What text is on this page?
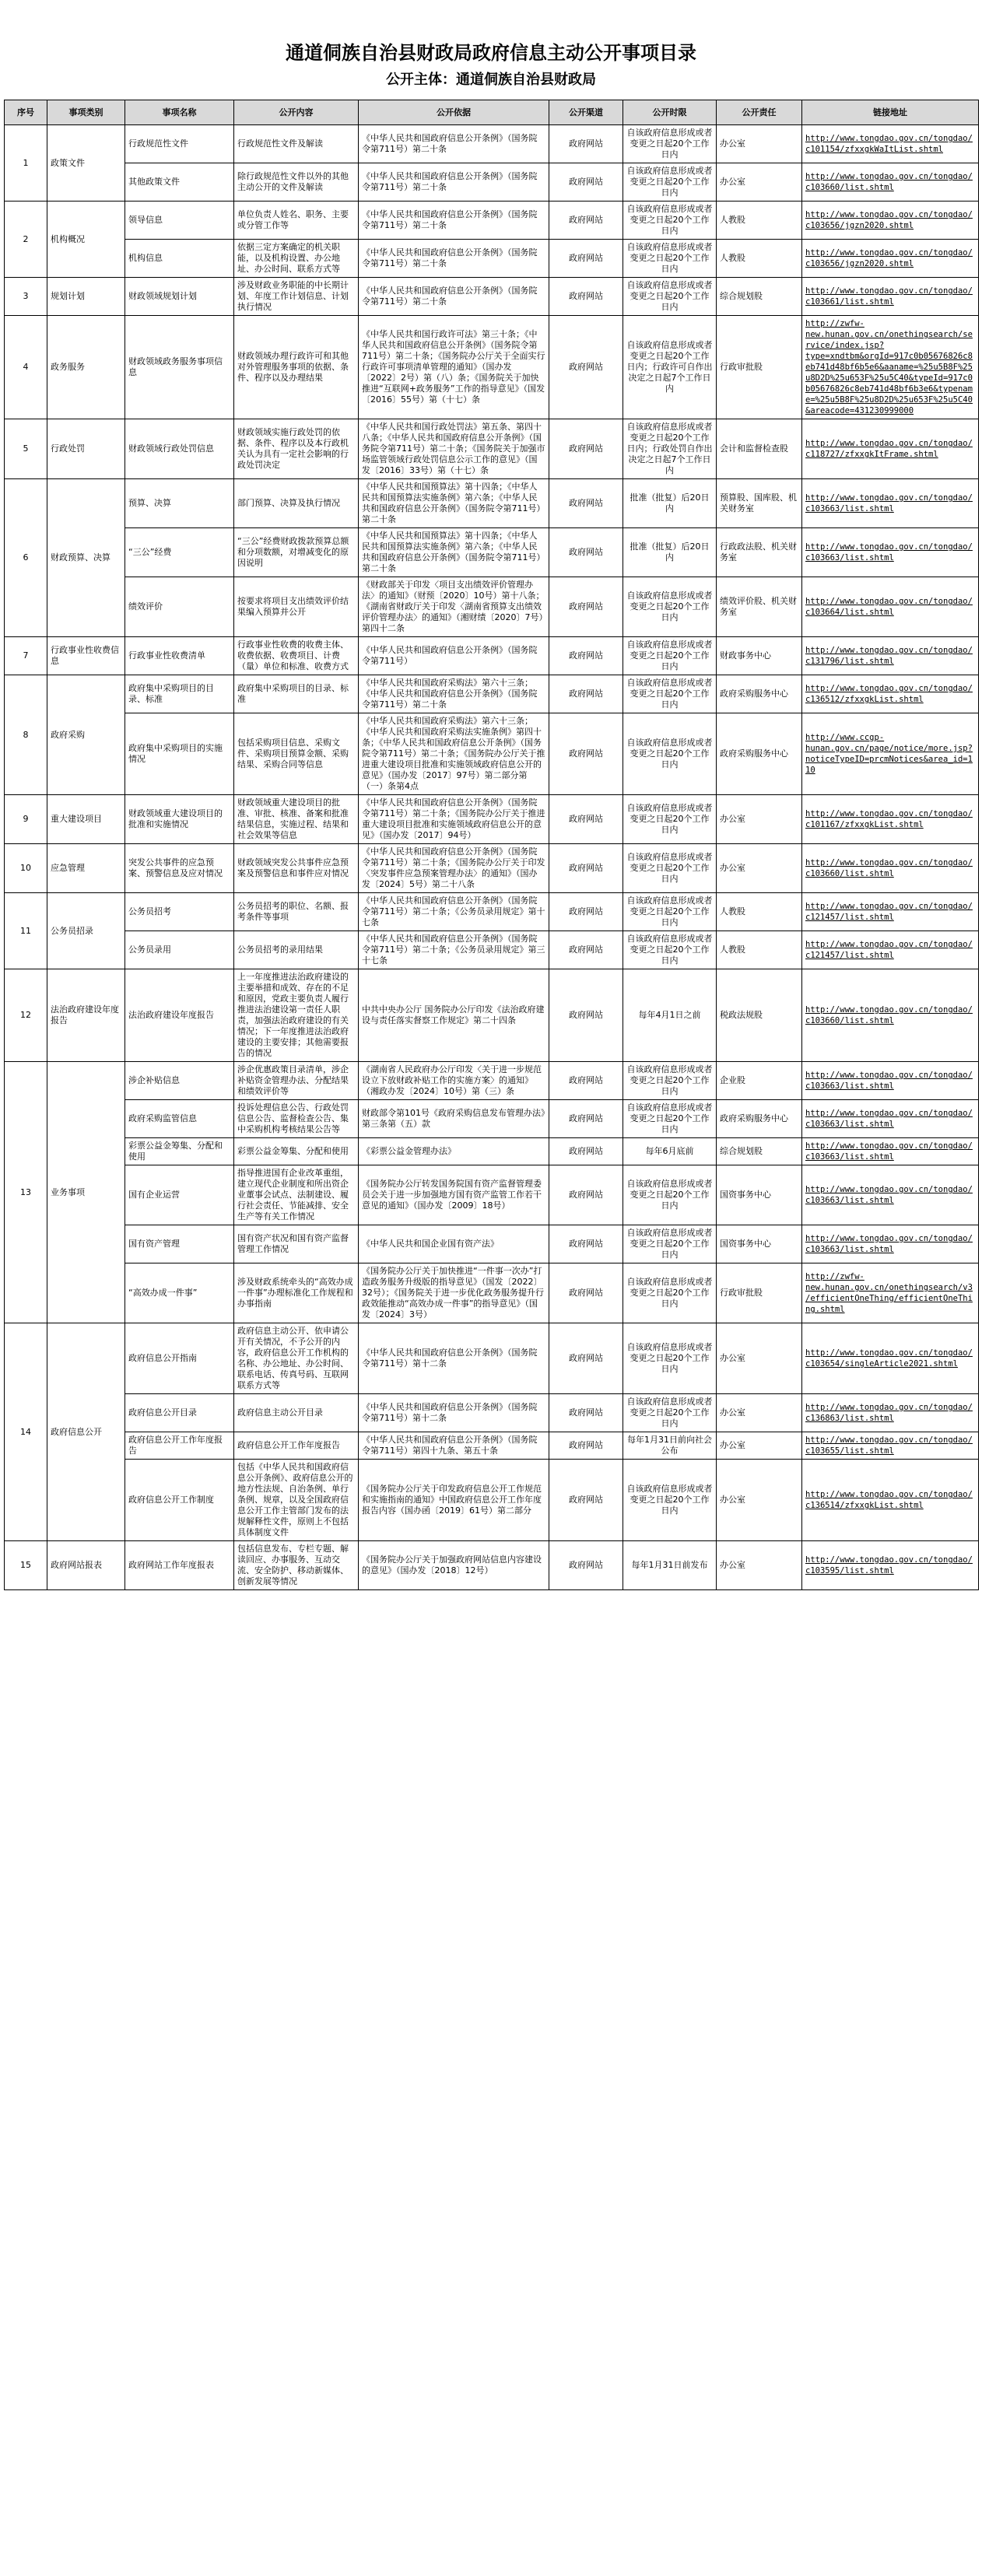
通道侗族自治县财政局政府信息主动公开事项目录
公开主体：通道侗族自治县财政局
序号	事项类别	事项名称	公开内容	公开依据	公开渠道	公开时限	公开责任	链接地址
1	政策文件	行政规范性文件	行政规范性文件及解读	《中华人民共和国政府信息公开条例》（国务院令第711号）第二十条	政府网站	自该政府信息形成或者变更之日起20个工作日内	办公室	http://www.tongdao.gov.cn/tongdao/c101154/zfxxgkWaItList.shtml
		其他政策文件	除行政规范性文件以外的其他主动公开的文件及解读	《中华人民共和国政府信息公开条例》（国务院令第711号）第二十条	政府网站	自该政府信息形成或者变更之日起20个工作日内	办公室	http://www.tongdao.gov.cn/tongdao/c103660/list.shtml
2	机构概况	领导信息	单位负责人姓名、职务、主要或分管工作等	《中华人民共和国政府信息公开条例》（国务院令第711号）第二十条	政府网站	自该政府信息形成或者变更之日起20个工作日内	人教股	http://www.tongdao.gov.cn/tongdao/c103656/jgzn2020.shtml
		机构信息	依据三定方案确定的机关职能，以及机构设置、办公地址、办公时间、联系方式等	《中华人民共和国政府信息公开条例》（国务院令第711号）第二十条	政府网站	自该政府信息形成或者变更之日起20个工作日内	人教股	http://www.tongdao.gov.cn/tongdao/c103656/jgzn2020.shtml
3	规划计划	财政领域规划计划	涉及财政业务职能的中长期计划、年度工作计划信息、计划执行情况	《中华人民共和国政府信息公开条例》（国务院令第711号）第二十条	政府网站	自该政府信息形成或者变更之日起20个工作日内	综合规划股	http://www.tongdao.gov.cn/tongdao/c103661/list.shtml
4	政务服务	财政领域政务服务事项信息	财政领域办理行政许可和其他对外管理服务事项的依据、条件、程序以及办理结果	《中华人民共和国行政许可法》第三十条；《中华人民共和国政府信息公开条例》（国务院令第711号）第二十条；《国务院办公厅关于全面实行行政许可事项清单管理的通知》（国办发〔2022〕2号）第（八）条；《国务院关于加快推进“互联网+政务服务”工作的指导意见》（国发〔2016〕55号）第（十七）条	政府网站	自该政府信息形成或者变更之日起20个工作日内；行政许可自作出决定之日起7个工作日内	行政审批股	http://zwfw-new.hunan.gov.cn/onethingsearch/service/index.jsp?type=xndtbm&orgId=917c0b05676826c8eb741d48bf6b5e6&aaname=%25u5B8F%25u8D2D%25u653F%25u5C40&typeId=917c0b05676826c8eb741d48bf6b3e6&typename=%25u5B8F%25u8D2D%25u653F%25u5C40&areacode=431230999000
5	行政处罚	财政领域行政处罚信息	财政领域实施行政处罚的依据、条件、程序以及本行政机关认为具有一定社会影响的行政处罚决定	《中华人民共和国行政处罚法》第五条、第四十八条；《中华人民共和国政府信息公开条例》（国务院令第711号）第二十条；《国务院关于加强市场监管领域行政处罚信息公示工作的意见》（国发〔2016〕33号）第（十七）条	政府网站	自该政府信息形成或者变更之日起20个工作日内；行政处罚自作出决定之日起7个工作日内	会计和监督检查股	http://www.tongdao.gov.cn/tongdao/c118727/zfxxgkItFrame.shtml
6	财政预算、决算	预算、决算	部门预算、决算及执行情况	《中华人民共和国预算法》第十四条；《中华人民共和国预算法实施条例》第六条；《中华人民共和国政府信息公开条例》（国务院令第711号）第二十条	政府网站	批准（批复）后20日内	预算股、国库股、机关财务室	http://www.tongdao.gov.cn/tongdao/c103663/list.shtml
		“三公”经费	“三公”经费财政拨款预算总额和分项数额，对增减变化的原因说明	《中华人民共和国预算法》第十四条；《中华人民共和国预算法实施条例》第六条；《中华人民共和国政府信息公开条例》（国务院令第711号）第二十条	政府网站	批准（批复）后20日内	行政政法股、机关财务室	http://www.tongdao.gov.cn/tongdao/c103663/list.shtml
		绩效评价	按要求将项目支出绩效评价结果编入预算并公开	《财政部关于印发〈项目支出绩效评价管理办法〉的通知》（财预〔2020〕10号）第十八条；《湖南省财政厅关于印发〈湖南省预算支出绩效评价管理办法〉的通知》（湘财绩〔2020〕7号）第四十二条	政府网站	自该政府信息形成或者变更之日起20个工作日内	绩效评价股、机关财务室	http://www.tongdao.gov.cn/tongdao/c103664/list.shtml
7	行政事业性收费信息	行政事业性收费清单	行政事业性收费的收费主体、收费依据、收费项目、计费（量）单位和标准、收费方式	《中华人民共和国政府信息公开条例》（国务院令第711号）	政府网站	自该政府信息形成或者变更之日起20个工作日内	财政事务中心	http://www.tongdao.gov.cn/tongdao/c131796/list.shtml
8	政府采购	政府集中采购项目的目录、标准	政府集中采购项目的目录、标准	《中华人民共和国政府采购法》第六十三条；《中华人民共和国政府信息公开条例》（国务院令第711号）第二十条	政府网站	自该政府信息形成或者变更之日起20个工作日内	政府采购服务中心	http://www.tongdao.gov.cn/tongdao/c136512/zfxxgkList.shtml
		政府集中采购项目的实施情况	包括采购项目信息、采购文件、采购项目预算金额、采购结果、采购合同等信息	《中华人民共和国政府采购法》第六十三条；《中华人民共和国政府采购法实施条例》第四十条；《中华人民共和国政府信息公开条例》（国务院令第711号）第二十条；《国务院办公厅关于推进重大建设项目批准和实施领域政府信息公开的意见》（国办发〔2017〕97号）第二部分第（一）条第4点	政府网站	自该政府信息形成或者变更之日起20个工作日内	政府采购服务中心	http://www.ccgp-hunan.gov.cn/page/notice/more.jsp?noticeTypeID=prcmNotices&area_id=110
9	重大建设项目	财政领域重大建设项目的批准和实施情况	财政领域重大建设项目的批准、审批、核准、备案和批准结果信息，实施过程、结果和社会效果等信息	《中华人民共和国政府信息公开条例》（国务院令第711号）第二十条；《国务院办公厅关于推进重大建设项目批准和实施领域政府信息公开的意见》（国办发〔2017〕94号）	政府网站	自该政府信息形成或者变更之日起20个工作日内	办公室	http://www.tongdao.gov.cn/tongdao/c101167/zfxxgkList.shtml
10	应急管理	突发公共事件的应急预案、预警信息及应对情况	财政领域突发公共事件应急预案及预警信息和事件应对情况	《中华人民共和国政府信息公开条例》（国务院令第711号）第二十条；《国务院办公厅关于印发〈突发事件应急预案管理办法〉的通知》（国办发〔2024〕5号）第二十八条	政府网站	自该政府信息形成或者变更之日起20个工作日内	办公室	http://www.tongdao.gov.cn/tongdao/c103660/list.shtml
11	公务员招录	公务员招考	公务员招考的职位、名额、报考条件等事项	《中华人民共和国政府信息公开条例》（国务院令第711号）第二十条；《公务员录用规定》第十七条	政府网站	自该政府信息形成或者变更之日起20个工作日内	人教股	http://www.tongdao.gov.cn/tongdao/c121457/list.shtml
		公务员录用	公务员招考的录用结果	《中华人民共和国政府信息公开条例》（国务院令第711号）第二十条；《公务员录用规定》第三十七条	政府网站	自该政府信息形成或者变更之日起20个工作日内	人教股	http://www.tongdao.gov.cn/tongdao/c121457/list.shtml
12	法治政府建设年度报告	法治政府建设年度报告	上一年度推进法治政府建设的主要举措和成效、存在的不足和原因，党政主要负责人履行推进法治建设第一责任人职责，加强法治政府建设的有关情况；下一年度推进法治政府建设的主要安排；其他需要报告的情况	中共中央办公厅 国务院办公厅印发《法治政府建设与责任落实督察工作规定》第二十四条	政府网站	每年4月1日之前	税政法规股	http://www.tongdao.gov.cn/tongdao/c103660/list.shtml
13	业务事项	涉企补贴信息	涉企优惠政策目录清单，涉企补贴资金管理办法、分配结果和绩效评价等	《湖南省人民政府办公厅印发〈关于进一步规范设立下放财政补贴工作的实施方案〉的通知》（湘政办发〔2024〕10号）第（三）条	政府网站	自该政府信息形成或者变更之日起20个工作日内	企业股	http://www.tongdao.gov.cn/tongdao/c103663/list.shtml
		政府采购监管信息	投诉处理信息公告、行政处罚信息公告、监督检查公告、集中采购机构考核结果公告等	财政部令第101号《政府采购信息发布管理办法》第三条第（五）款	政府网站	自该政府信息形成或者变更之日起20个工作日内	政府采购服务中心	http://www.tongdao.gov.cn/tongdao/c103663/list.shtml
		彩票公益金筹集、分配和使用	彩票公益金筹集、分配和使用	《彩票公益金管理办法》	政府网站	每年6月底前	综合规划股	http://www.tongdao.gov.cn/tongdao/c103663/list.shtml
		国有企业运营	指导推进国有企业改革重组，建立现代企业制度和所出资企业董事会试点、法制建设、履行社会责任、节能减排、安全生产等有关工作情况	《国务院办公厅转发国务院国有资产监督管理委员会关于进一步加强地方国有资产监管工作若干意见的通知》（国办发〔2009〕18号）	政府网站	自该政府信息形成或者变更之日起20个工作日内	国资事务中心	http://www.tongdao.gov.cn/tongdao/c103663/list.shtml
		国有资产管理	国有资产状况和国有资产监督管理工作情况	《中华人民共和国企业国有资产法》	政府网站	自该政府信息形成或者变更之日起20个工作日内	国资事务中心	http://www.tongdao.gov.cn/tongdao/c103663/list.shtml
		“高效办成一件事”	涉及财政系统牵头的“高效办成一件事”办理标准化工作规程和办事指南	《国务院办公厅关于加快推进“一件事一次办”打造政务服务升级版的指导意见》（国发〔2022〕32号）；《国务院关于进一步优化政务服务提升行政效能推动“高效办成一件事”的指导意见》（国发〔2024〕3号）	政府网站	自该政府信息形成或者变更之日起20个工作日内	行政审批股	http://zwfw-new.hunan.gov.cn/onethingsearch/v3/efficientOneThing/efficientOneThing.shtml
14	政府信息公开	政府信息公开指南	政府信息主动公开、依申请公开有关情况，不予公开的内容，政府信息公开工作机构的名称、办公地址、办公时间、联系电话、传真号码、互联网联系方式等	《中华人民共和国政府信息公开条例》（国务院令第711号）第十二条	政府网站	自该政府信息形成或者变更之日起20个工作日内	办公室	http://www.tongdao.gov.cn/tongdao/c103654/singleArticle2021.shtml
		政府信息公开目录	政府信息主动公开目录	《中华人民共和国政府信息公开条例》（国务院令第711号）第十二条	政府网站	自该政府信息形成或者变更之日起20个工作日内	办公室	http://www.tongdao.gov.cn/tongdao/c136863/list.shtml
		政府信息公开工作年度报告	政府信息公开工作年度报告	《中华人民共和国政府信息公开条例》（国务院令第711号）第四十九条、第五十条	政府网站	每年1月31日前向社会公布	办公室	http://www.tongdao.gov.cn/tongdao/c103655/list.shtml
		政府信息公开工作制度	包括《中华人民共和国政府信息公开条例》、政府信息公开的地方性法规、自治条例、单行条例、规章，以及全国政府信息公开工作主管部门发布的法规解释性文件，原则上不包括具体制度文件	《国务院办公厅关于印发政府信息公开工作规范和实施指南的通知》中国政府信息公开工作年度报告内容（国办函〔2019〕61号）第二部分	政府网站	自该政府信息形成或者变更之日起20个工作日内	办公室	http://www.tongdao.gov.cn/tongdao/c136514/zfxxgkList.shtml
15	政府网站报表	政府网站工作年度报表	包括信息发布、专栏专题、解读回应、办事服务、互动交流、安全防护、移动新媒体、创新发展等情况	《国务院办公厅关于加强政府网站信息内容建设的意见》（国办发〔2018〕12号）	政府网站	每年1月31日前发布	办公室	http://www.tongdao.gov.cn/tongdao/c103595/list.shtml
